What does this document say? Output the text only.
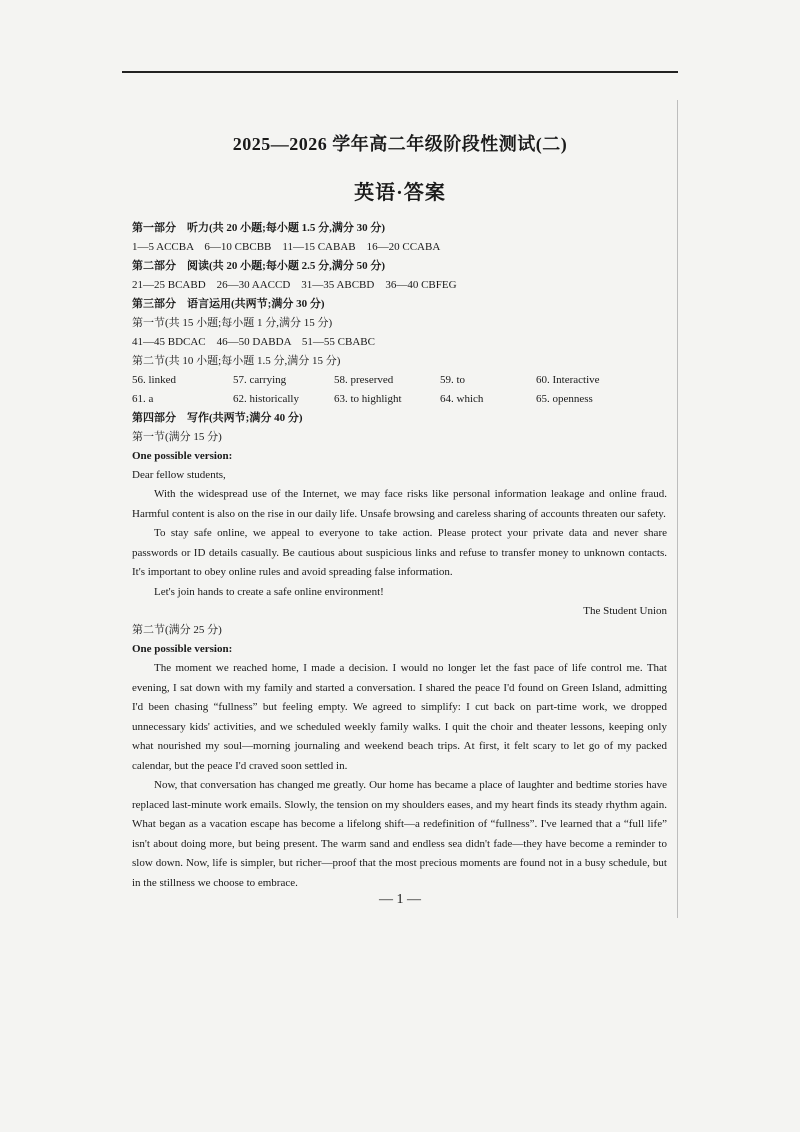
2025—2026 学年高二年级阶段性测试(二)
英语·答案
第一部分　听力(共 20 小题;每小题 1.5 分,满分 30 分)
1—5 ACCBA　6—10 CBCBB　11—15 CABAB　16—20 CCABA
第二部分　阅读(共 20 小题;每小题 2.5 分,满分 50 分)
21—25 BCABD　26—30 AACCD　31—35 ABCBD　36—40 CBFEG
第三部分　语言运用(共两节;满分 30 分)
第一节(共 15 小题;每小题 1 分,满分 15 分)
41—45 BDCAC　46—50 DABDA　51—55 CBABC
第二节(共 10 小题;每小题 1.5 分,满分 15 分)
56. linked	57. carrying	58. preserved	59. to	60. Interactive
61. a	62. historically	63. to highlight	64. which	65. openness
第四部分　写作(共两节;满分 40 分)
第一节(满分 15 分)
One possible version:
Dear fellow students,

With the widespread use of the Internet, we may face risks like personal information leakage and online fraud. Harmful content is also on the rise in our daily life. Unsafe browsing and careless sharing of accounts threaten our safety.

To stay safe online, we appeal to everyone to take action. Please protect your private data and never share passwords or ID details casually. Be cautious about suspicious links and refuse to transfer money to unknown contacts. It's important to obey online rules and avoid spreading false information.

Let's join hands to create a safe online environment!

The Student Union
第二节(满分 25 分)
One possible version:

The moment we reached home, I made a decision. I would no longer let the fast pace of life control me. That evening, I sat down with my family and started a conversation. I shared the peace I'd found on Green Island, admitting I'd been chasing “fullness” but feeling empty. We agreed to simplify: I cut back on part-time work, we dropped unnecessary kids' activities, and we scheduled weekly family walks. I quit the choir and theater lessons, keeping only what nourished my soul—morning journaling and weekend beach trips. At first, it felt scary to let go of my packed calendar, but the peace I'd craved soon settled in.

Now, that conversation has changed me greatly. Our home has became a place of laughter and bedtime stories have replaced last-minute work emails. Slowly, the tension on my shoulders eases, and my heart finds its steady rhythm again. What began as a vacation escape has become a lifelong shift—a redefinition of “fullness”. I've learned that a “full life” isn't about doing more, but being present. The warm sand and endless sea didn't fade—they have become a reminder to slow down. Now, life is simpler, but richer—proof that the most precious moments are found not in a busy schedule, but in the stillness we choose to embrace.

— 1 —
